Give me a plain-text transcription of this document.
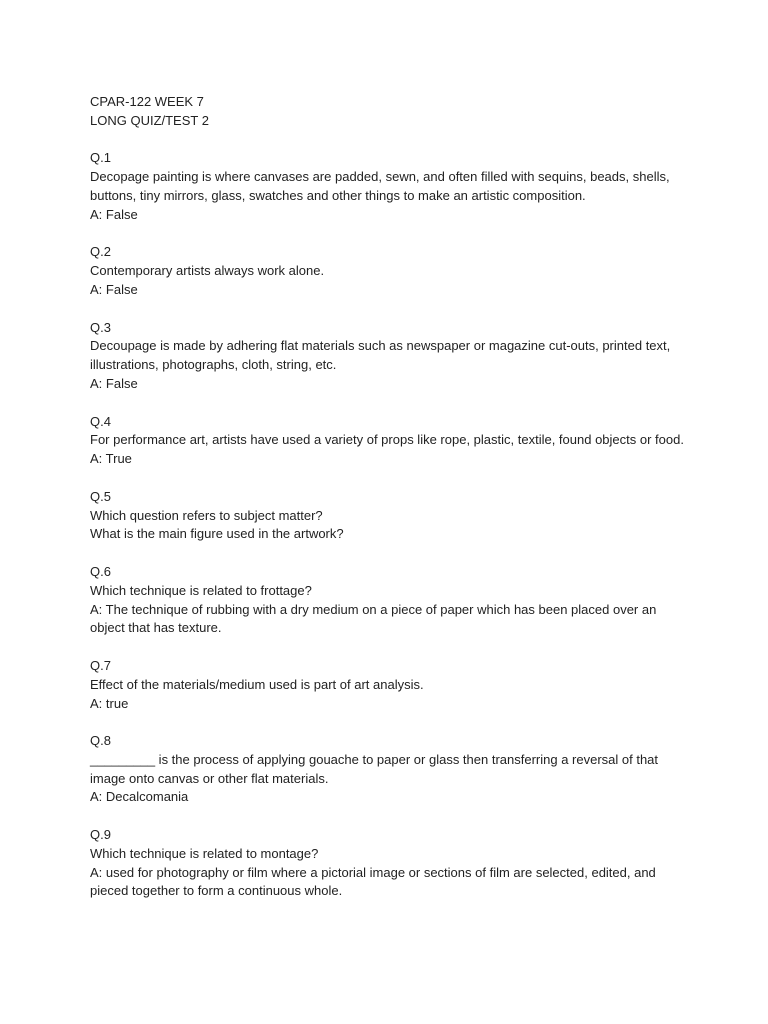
CPAR-122 WEEK 7
LONG QUIZ/TEST 2
Q.1
Decopage painting is where canvases are padded, sewn, and often filled with sequins, beads, shells, buttons, tiny mirrors, glass, swatches and other things to make an artistic composition.
A: False
Q.2
Contemporary artists always work alone.
A: False
Q.3
Decoupage is made by adhering flat materials such as newspaper or magazine cut-outs, printed text, illustrations, photographs, cloth, string, etc.
A: False
Q.4
For performance art, artists have used a variety of props like rope, plastic, textile, found objects or food.
A: True
Q.5
Which question refers to subject matter?
What is the main figure used in the artwork?
Q.6
Which technique is related to frottage?
A: The technique of rubbing with a dry medium on a piece of paper which has been placed over an object that has texture.
Q.7
Effect of the materials/medium used is part of art analysis.
A: true
Q.8
_________ is the process of applying gouache to paper or glass then transferring a reversal of that image onto canvas or other flat materials.
A: Decalcomania
Q.9
Which technique is related to montage?
A: used for photography or film where a pictorial image or sections of film are selected, edited, and pieced together to form a continuous whole.
